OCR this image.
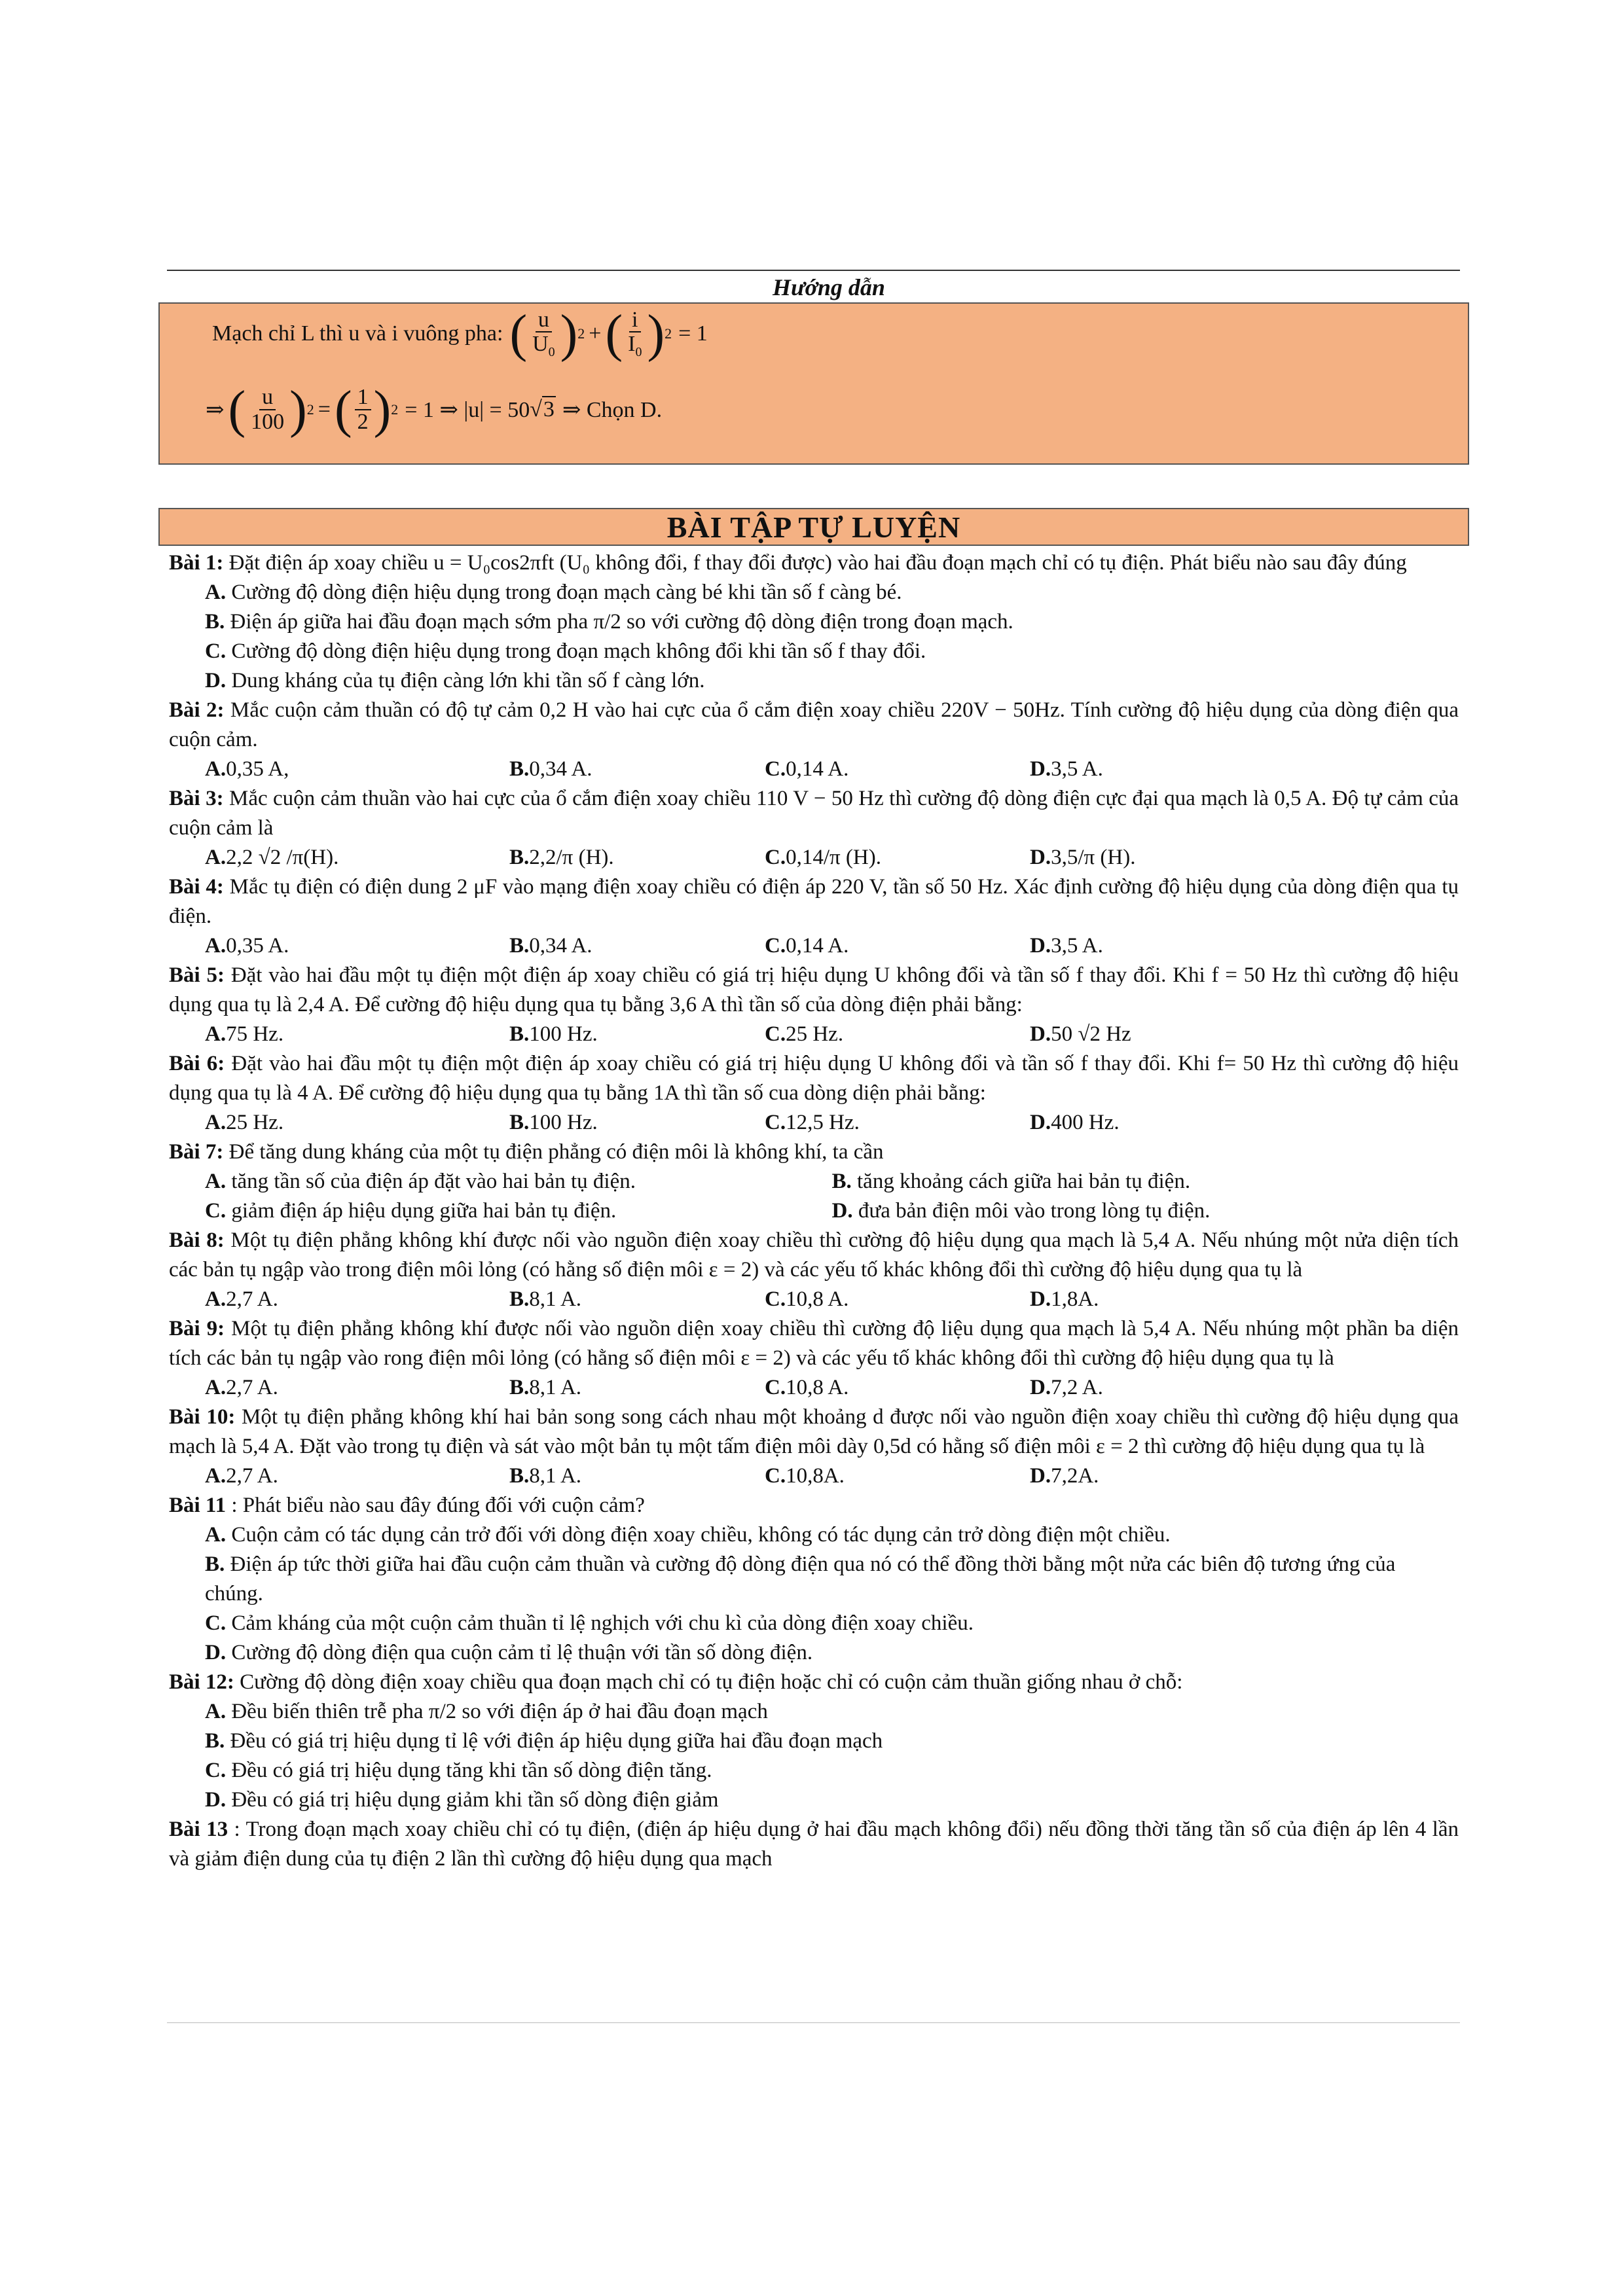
Hướng dẫn
Mạch chỉ L thì u và i vuông pha: ( $\frac{u}{U_0}$ ) 2 + ( $\frac{i}{I_0}$ ) 2 = 1
⇒ ( $\frac{u}{100}$ ) 2 = ( $\frac{1}{2}$ ) 2 = 1 ⇒ |u| = 50 √3 ⇒ Chọn D.
BÀI TẬP TỰ LUYỆN

Bài 1: Đặt điện áp xoay chiều u = U₀cos2πft (U₀ không đổi, f thay đổi được) vào hai đầu đoạn mạch chỉ có tụ điện. Phát biểu nào sau đây đúng

A. Cường độ dòng điện hiệu dụng trong đoạn mạch càng bé khi tần số f càng bé.

B. Điện áp giữa hai đầu đoạn mạch sớm pha π/2 so với cường độ dòng điện trong đoạn mạch.

C. Cường độ dòng điện hiệu dụng trong đoạn mạch không đổi khi tần số f thay đổi.

D. Dung kháng của tụ điện càng lớn khi tần số f càng lớn.

Bài 2: Mắc cuộn cảm thuần có độ tự cảm 0,2 H vào hai cực của ổ cắm điện xoay chiều 220V − 50Hz. Tính cường độ hiệu dụng của dòng điện qua cuộn cảm.

A.0,35 A,	B.0,34 A.	C.0,14 A.	D.3,5 A.

Bài 3: Mắc cuộn cảm thuần vào hai cực của ổ cắm điện xoay chiều 110 V − 50 Hz thì cường độ dòng điện cực đại qua mạch là 0,5 A. Độ tự cảm của cuộn cảm là

A.2,2 √2 /π(H).	B.2,2/π (H).	C.0,14/π (H).	D.3,5/π (H).

Bài 4: Mắc tụ điện có điện dung 2 μF vào mạng điện xoay chiều có điện áp 220 V, tần số 50 Hz. Xác định cường độ hiệu dụng của dòng điện qua tụ điện.

A.0,35 A.	B.0,34 A.	C.0,14 A.	D.3,5 A.

Bài 5: Đặt vào hai đầu một tụ điện một điện áp xoay chiều có giá trị hiệu dụng U không đổi và tần số f thay đổi. Khi f = 50 Hz thì cường độ hiệu dụng qua tụ là 2,4 A. Để cường độ hiệu dụng qua tụ bằng 3,6 A thì tần số của dòng điện phải bằng:

A.75 Hz.	B.100 Hz.	C.25 Hz.	D.50 √2 Hz

Bài 6: Đặt vào hai đầu một tụ điện một điện áp xoay chiều có giá trị hiệu dụng U không đổi và tần số f thay đổi. Khi f= 50 Hz thì cường độ hiệu dụng qua tụ là 4 A. Để cường độ hiệu dụng qua tụ bằng 1A thì tần số cua dòng diện phải bằng:

A.25 Hz.	B.100 Hz.	C.12,5 Hz.	D.400 Hz.

Bài 7: Để tăng dung kháng của một tụ điện phẳng có điện môi là không khí, ta cần

A. tăng tần số của điện áp đặt vào hai bản tụ điện.	B. tăng khoảng cách giữa hai bản tụ điện.
C. giảm điện áp hiệu dụng giữa hai bản tụ điện.	D. đưa bản điện môi vào trong lòng tụ điện.

Bài 8: Một tụ điện phẳng không khí được nối vào nguồn điện xoay chiều thì cường độ hiệu dụng qua mạch là 5,4 A. Nếu nhúng một nửa diện tích các bản tụ ngập vào trong điện môi lỏng (có hằng số điện môi ε = 2) và các yếu tố khác không đổi thì cường độ hiệu dụng qua tụ là

A.2,7 A.	B.8,1 A.	C.10,8 A.	D.1,8A.

Bài 9: Một tụ điện phẳng không khí được nối vào nguồn diện xoay chiều thì cường độ liệu dụng qua mạch là 5,4 A. Nếu nhúng một phần ba diện tích các bản tụ ngập vào rong điện môi lỏng (có hằng số điện môi ε = 2) và các yếu tố khác không đổi thì cường độ hiệu dụng qua tụ là

A.2,7 A.	B.8,1 A.	C.10,8 A.	D.7,2 A.

Bài 10: Một tụ điện phẳng không khí hai bản song song cách nhau một khoảng d được nối vào nguồn điện xoay chiều thì cường độ hiệu dụng qua mạch là 5,4 A. Đặt vào trong tụ điện và sát vào một bản tụ một tấm điện môi dày 0,5d có hằng số điện môi ε = 2 thì cường độ hiệu dụng qua tụ là

A.2,7 A.	B.8,1 A.	C.10,8A.	D.7,2A.

Bài 11 : Phát biểu nào sau đây đúng đối với cuộn cảm?

A. Cuộn cảm có tác dụng cản trở đối với dòng điện xoay chiều, không có tác dụng cản trở dòng điện một chiều.

B. Điện áp tức thời giữa hai đầu cuộn cảm thuần và cường độ dòng điện qua nó có thể đồng thời bằng một nửa các biên độ tương ứng của chúng.

C. Cảm kháng của một cuộn cảm thuần tỉ lệ nghịch với chu kì của dòng điện xoay chiều.

D. Cường độ dòng điện qua cuộn cảm tỉ lệ thuận với tần số dòng điện.

Bài 12: Cường độ dòng điện xoay chiều qua đoạn mạch chỉ có tụ điện hoặc chỉ có cuộn cảm thuần giống nhau ở chỗ:

A. Đều biến thiên trễ pha π/2 so với điện áp ở hai đầu đoạn mạch

B. Đều có giá trị hiệu dụng tỉ lệ với điện áp hiệu dụng giữa hai đầu đoạn mạch

C. Đều có giá trị hiệu dụng tăng khi tần số dòng điện tăng.

D. Đều có giá trị hiệu dụng giảm khi tần số dòng điện giảm

Bài 13 : Trong đoạn mạch xoay chiều chỉ có tụ điện, (điện áp hiệu dụng ở hai đầu mạch không đổi) nếu đồng thời tăng tần số của điện áp lên 4 lần và giảm điện dung của tụ điện 2 lần thì cường độ hiệu dụng qua mạch
